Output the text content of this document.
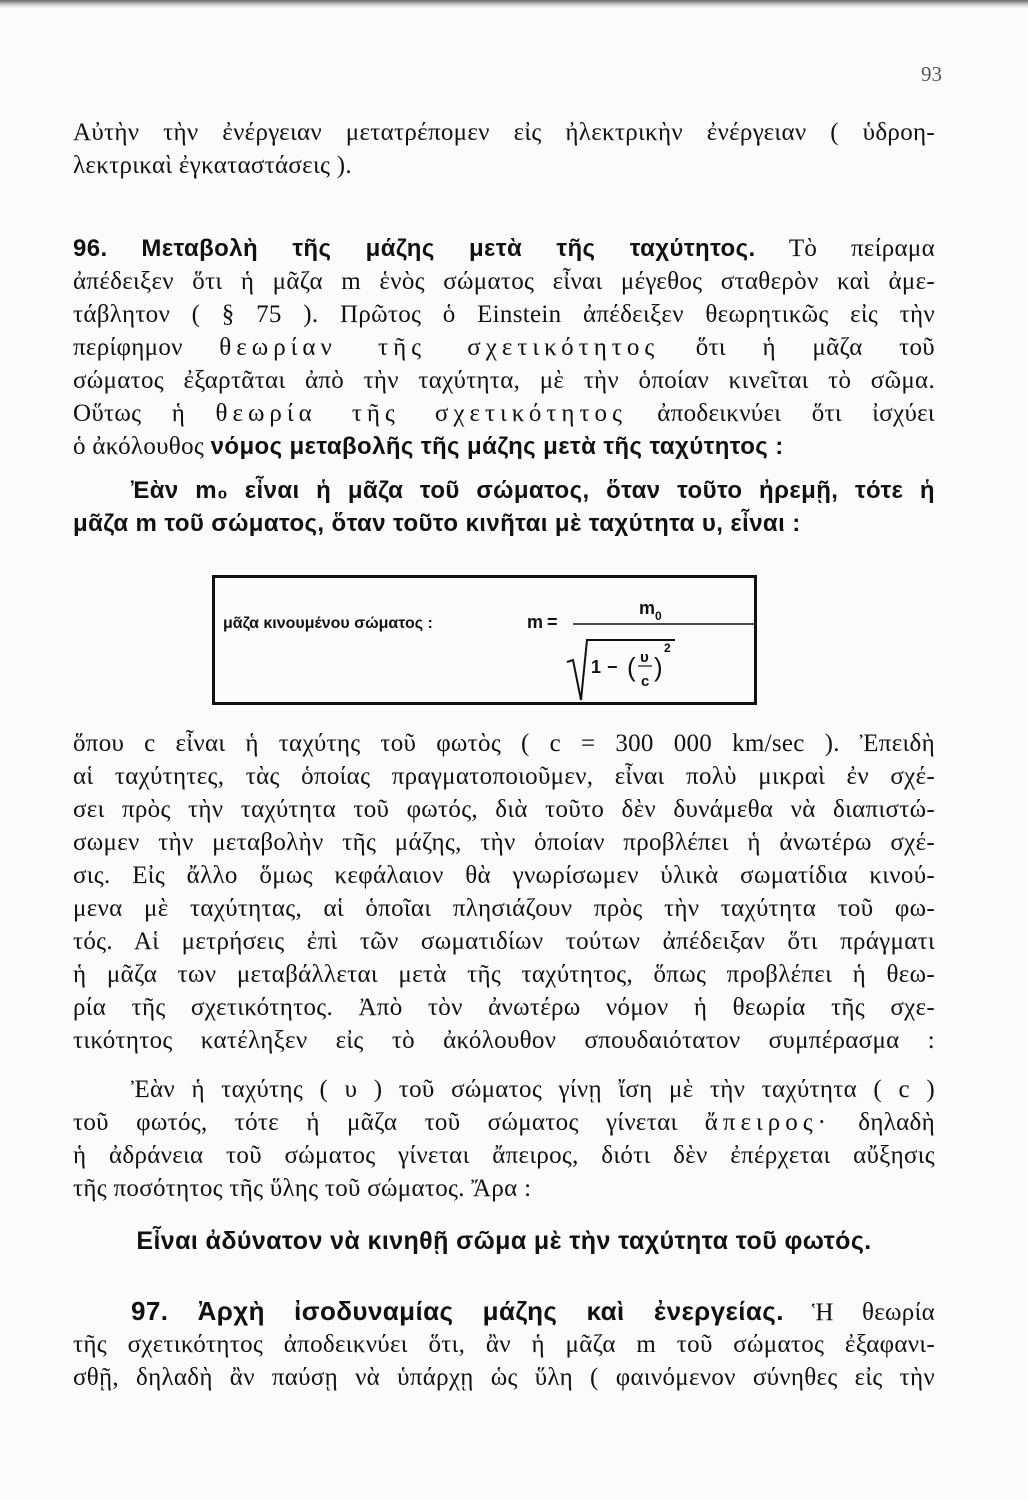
93
Αὐτὴν τὴν ἐνέργειαν μετατρέπομεν εἰς ἠλεκτρικὴν ἐνέργειαν ( ὑδροη-
λεκτρικαὶ ἐγκαταστάσεις ).
96. Μεταβολὴ τῆς μάζης μετὰ τῆς ταχύτητος. Τὸ πείραμα
ἀπέδειξεν ὅτι ἡ μᾶζα m ἑνὸς σώματος εἶναι μέγεθος σταθερὸν καὶ ἀμε-
τάβλητον ( § 75 ). Πρῶτος ὁ Einstein ἀπέδειξεν θεωρητικῶς εἰς τὴν
περίφημον θεωρίαν τῆς σχετικότητος ὅτι ἡ μᾶζα τοῦ
σώματος ἐξαρτᾶται ἀπὸ τὴν ταχύτητα, μὲ τὴν ὁποίαν κινεῖται τὸ σῶμα.
Οὕτως ἡ θεωρία τῆς σχετικότητος ἀποδεικνύει ὅτι ἰσχύει
ὁ ἀκόλουθος νόμος μεταβολῆς τῆς μάζης μετὰ τῆς ταχύτητος :
Ἐὰν m₀ εἶναι ἡ μᾶζα τοῦ σώματος, ὅταν τοῦτο ἠρεμῇ, τότε ἡ
μᾶζα m τοῦ σώματος, ὅταν τοῦτο κινῆται μὲ ταχύτητα υ, εἶναι :
μᾶζα κινουμένου σώματος :	m =
m 0
1 − ( υ
c )
2
ὅπου c εἶναι ἡ ταχύτης τοῦ φωτὸς ( c = 300 000 km/sec ). Ἐπειδὴ
αἱ ταχύτητες, τὰς ὁποίας πραγματοποιοῦμεν, εἶναι πολὺ μικραὶ ἐν σχέ-
σει πρὸς τὴν ταχύτητα τοῦ φωτός, διὰ τοῦτο δὲν δυνάμεθα νὰ διαπιστώ-
σωμεν τὴν μεταβολὴν τῆς μάζης, τὴν ὁποίαν προβλέπει ἡ ἀνωτέρω σχέ-
σις. Εἰς ἄλλο ὅμως κεφάλαιον θὰ γνωρίσωμεν ὑλικὰ σωματίδια κινού-
μενα μὲ ταχύτητας, αἱ ὁποῖαι πλησιάζουν πρὸς τὴν ταχύτητα τοῦ φω-
τός. Αἱ μετρήσεις ἐπὶ τῶν σωματιδίων τούτων ἀπέδειξαν ὅτι πράγματι
ἡ μᾶζα των μεταβάλλεται μετὰ τῆς ταχύτητος, ὅπως προβλέπει ἡ θεω-
ρία τῆς σχετικότητος. Ἀπὸ τὸν ἀνωτέρω νόμον ἡ θεωρία τῆς σχε-
τικότητος κατέληξεν εἰς τὸ ἀκόλουθον σπουδαιότατον συμπέρασμα :
Ἐὰν ἡ ταχύτης ( υ ) τοῦ σώματος γίνῃ ἴση μὲ τὴν ταχύτητα ( c )
τοῦ φωτός, τότε ἡ μᾶζα τοῦ σώματος γίνεται ἄπειρος· δηλαδὴ
ἡ ἀδράνεια τοῦ σώματος γίνεται ἄπειρος, διότι δὲν ἐπέρχεται αὔξησις
τῆς ποσότητος τῆς ὕλης τοῦ σώματος. Ἄρα :
Εἶναι ἀδύνατον νὰ κινηθῇ σῶμα μὲ τὴν ταχύτητα τοῦ φωτός.
97. Ἀρχὴ ἰσοδυναμίας μάζης καὶ ἐνεργείας. Ἡ θεωρία
τῆς σχετικότητος ἀποδεικνύει ὅτι, ἂν ἡ μᾶζα m τοῦ σώματος ἐξαφανι-
σθῇ, δηλαδὴ ἂν παύσῃ νὰ ὑπάρχῃ ὡς ὕλη ( φαινόμενον σύνηθες εἰς τὴν
